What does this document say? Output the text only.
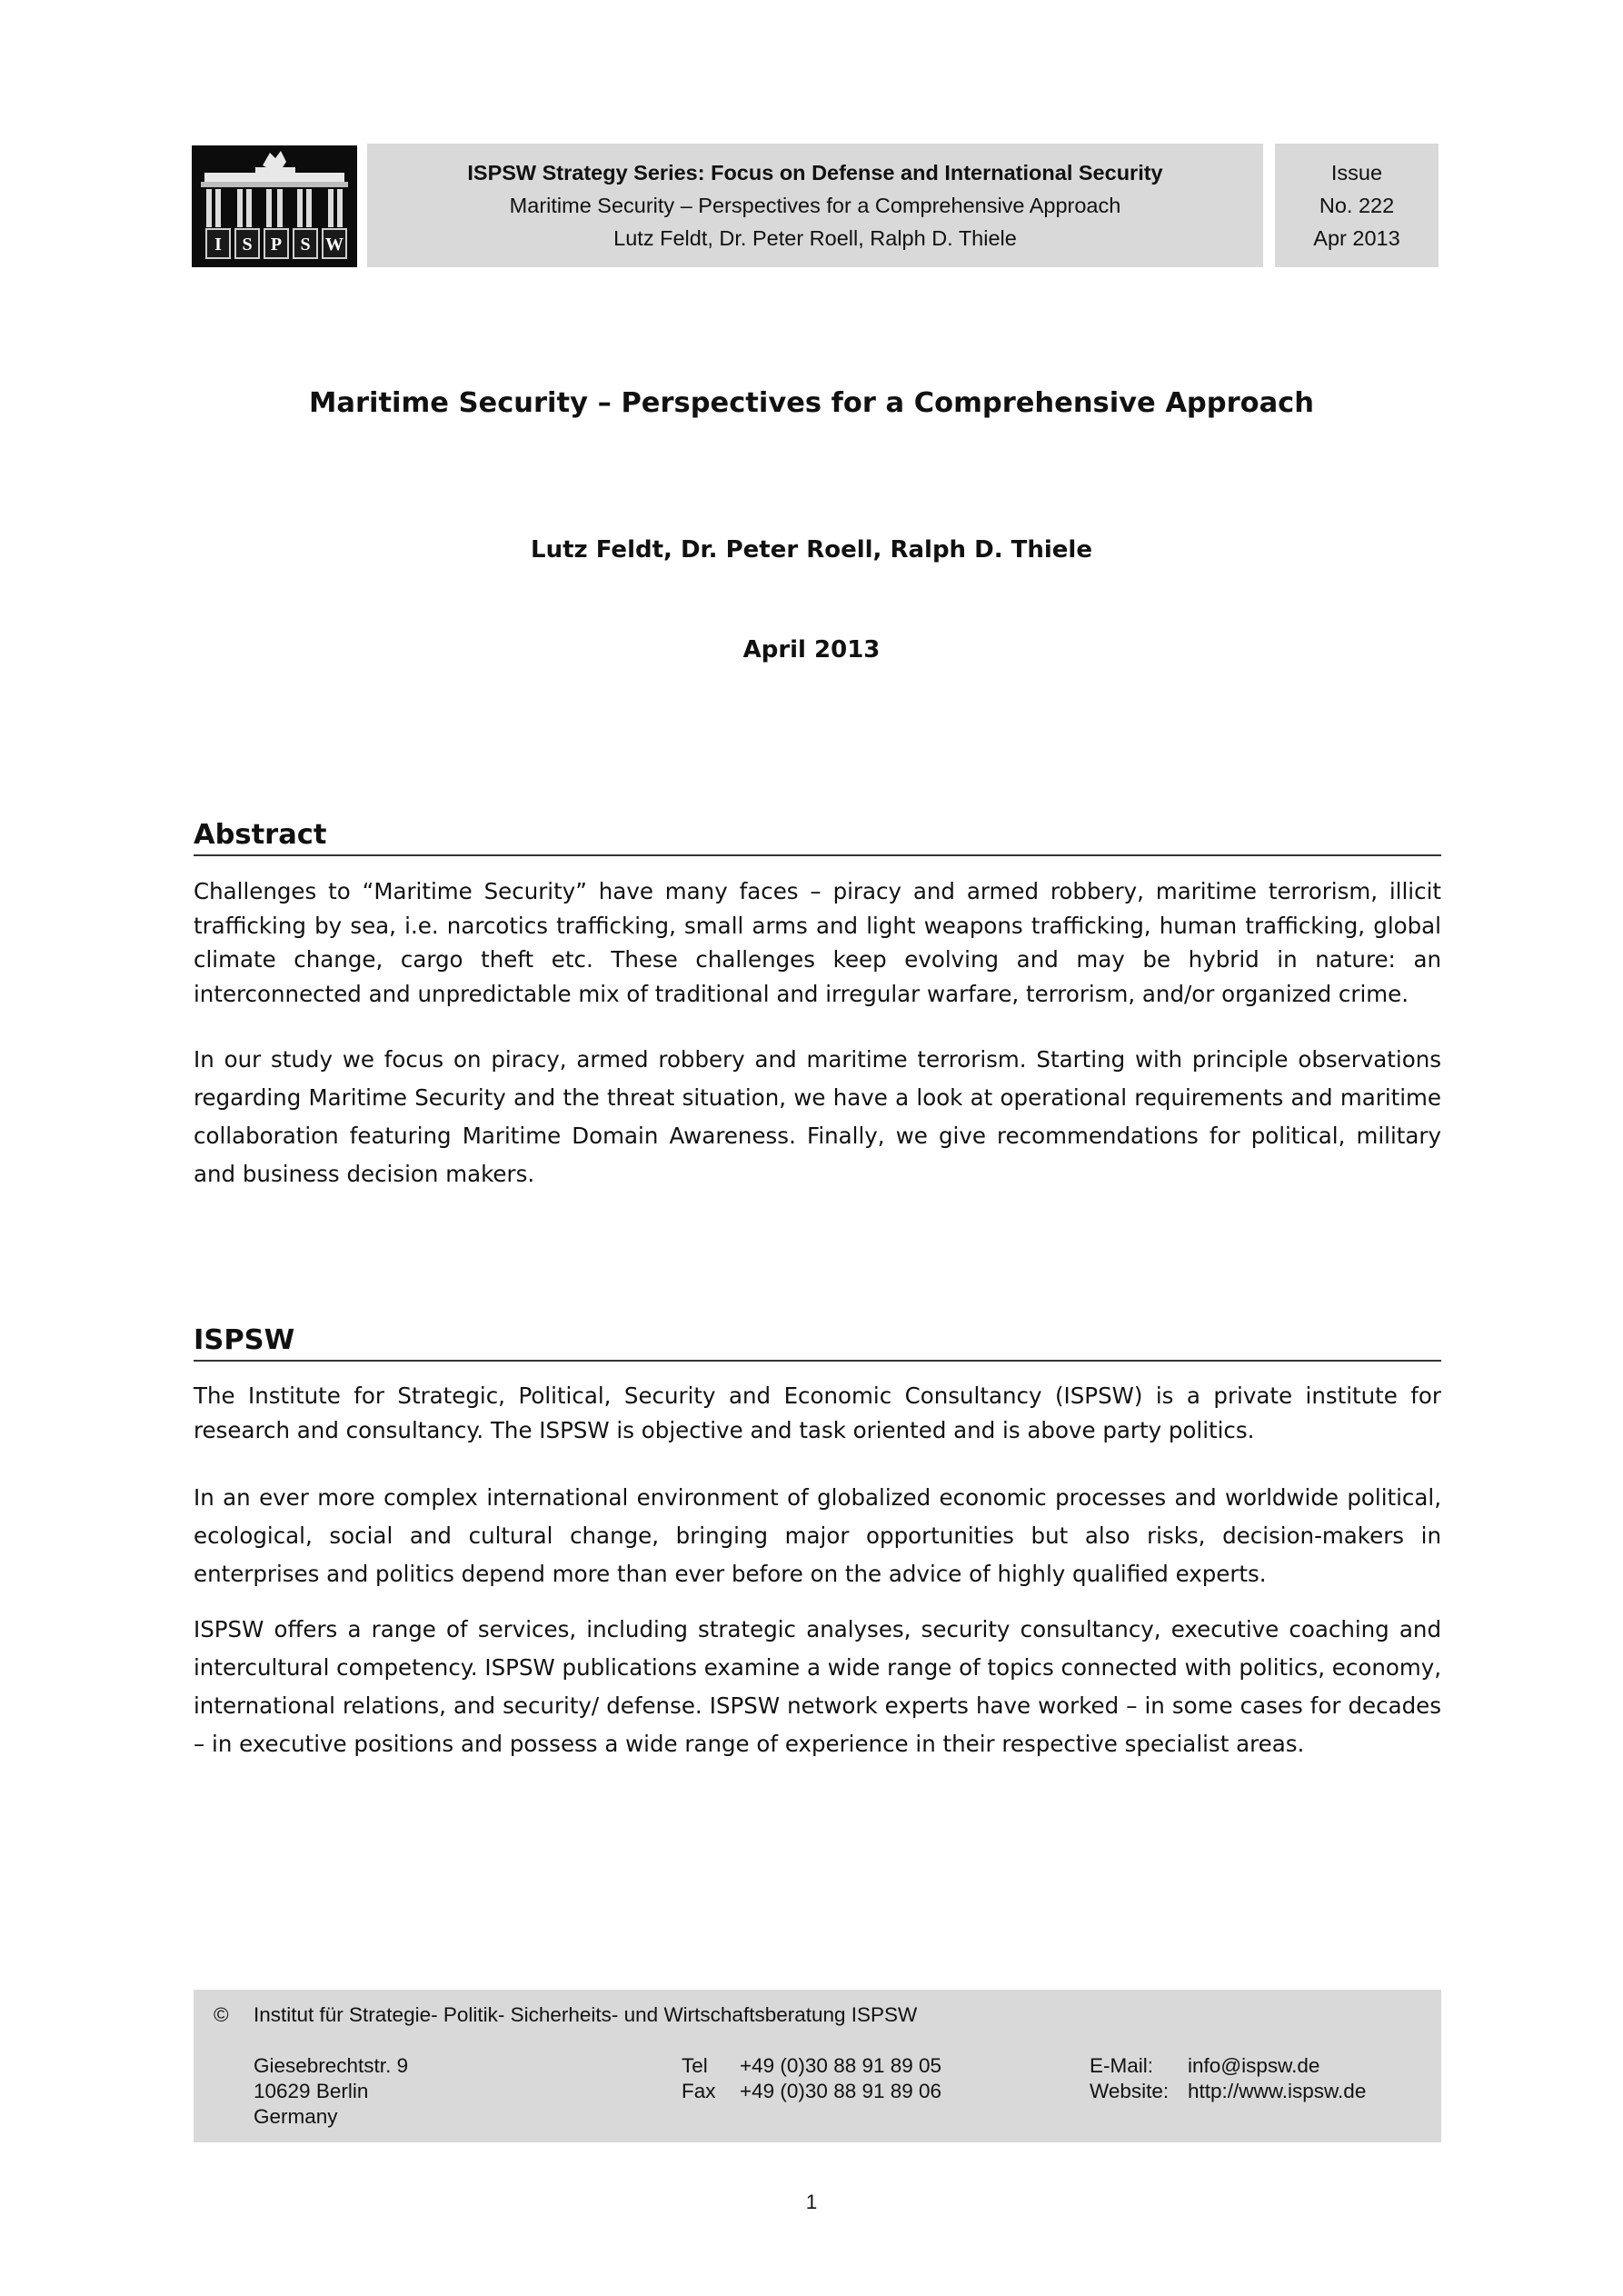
I S P S W
ISPSW Strategy Series: Focus on Defense and International Security
Maritime Security – Perspectives for a Comprehensive Approach
Lutz Feldt, Dr. Peter Roell, Ralph D. Thiele
Issue
No. 222
Apr 2013
Maritime Security – Perspectives for a Comprehensive Approach
Lutz Feldt, Dr. Peter Roell, Ralph D. Thiele
April 2013
Abstract

Challenges to “Maritime Security” have many faces – piracy and armed robbery, maritime terrorism, illicit trafficking by sea, i.e. narcotics trafficking, small arms and light weapons trafficking, human trafficking, global climate change, cargo theft etc. These challenges keep evolving and may be hybrid in nature: an interconnected and unpredictable mix of traditional and irregular warfare, terrorism, and/or organized crime.

In our study we focus on piracy, armed robbery and maritime terrorism. Starting with principle observations regarding Maritime Security and the threat situation, we have a look at operational requirements and maritime collaboration featuring Maritime Domain Awareness. Finally, we give recommendations for political, military and business decision makers.

ISPSW

The Institute for Strategic, Political, Security and Economic Consultancy (ISPSW) is a private institute for research and consultancy. The ISPSW is objective and task oriented and is above party politics.

In an ever more complex international environment of globalized economic processes and worldwide political, ecological, social and cultural change, bringing major opportunities but also risks, decision-makers in enterprises and politics depend more than ever before on the advice of highly qualified experts.

ISPSW offers a range of services, including strategic analyses, security consultancy, executive coaching and intercultural competency. ISPSW publications examine a wide range of topics connected with politics, economy, international relations, and security/ defense. ISPSW network experts have worked – in some cases for decades – in executive positions and possess a wide range of experience in their respective specialist areas.

© Institut für Strategie- Politik- Sicherheits- und Wirtschaftsberatung ISPSW
Giesebrechtstr. 9
10629 Berlin
Germany
Tel +49 (0)30 88 91 89 05
Fax +49 (0)30 88 91 89 06
E-Mail: info@ispsw.de
Website: http://www.ispsw.de
1
